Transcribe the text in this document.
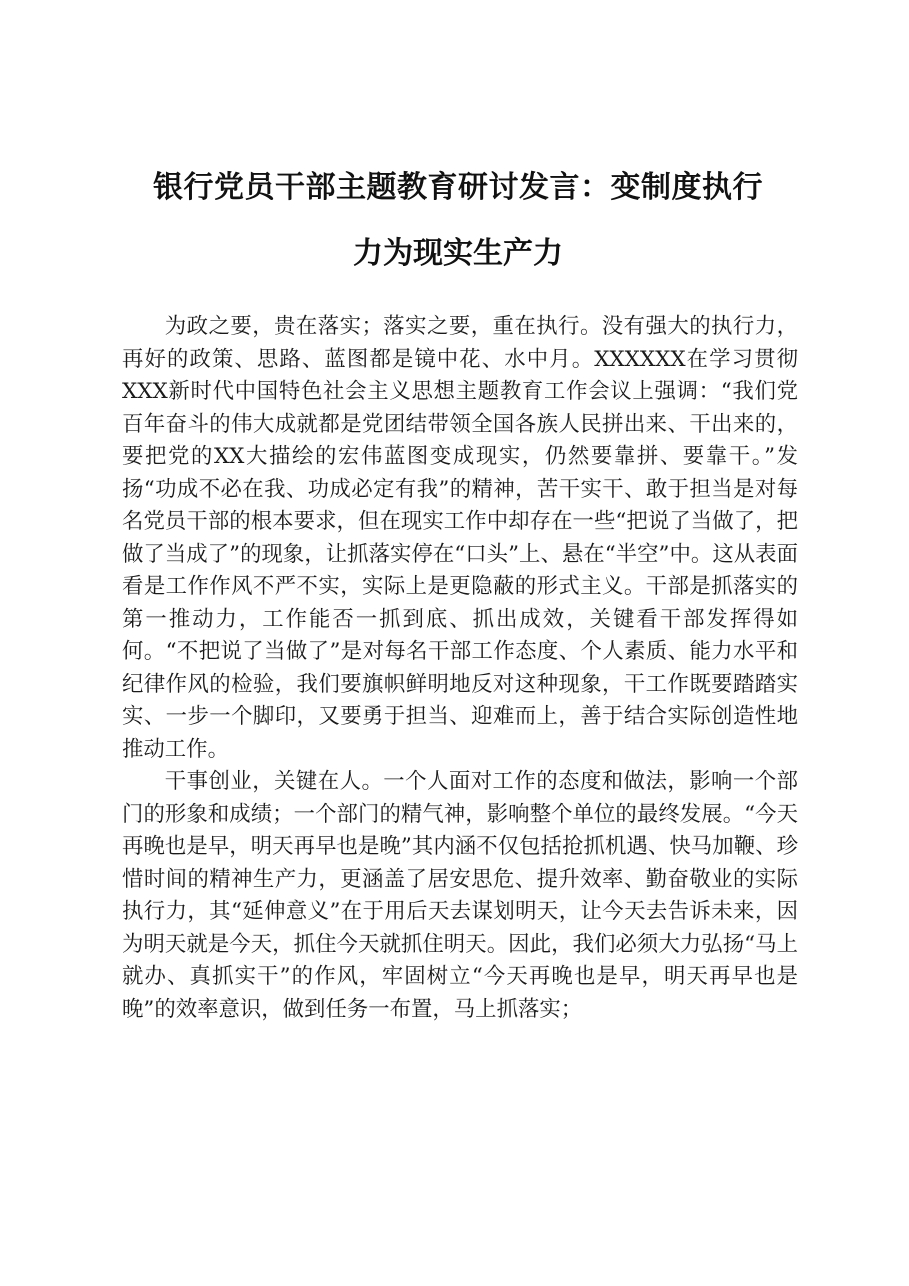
银行党员干部主题教育研讨发言：变制度执行
力为现实生产力

为政之要，贵在落实；落实之要，重在执行。没有强大的执行力，再好的政策、思路、蓝图都是镜中花、水中月。XXXXXX在学习贯彻XXX新时代中国特色社会主义思想主题教育工作会议上强调：“我们党百年奋斗的伟大成就都是党团结带领全国各族人民拼出来、干出来的，要把党的XX大描绘的宏伟蓝图变成现实，仍然要靠拼、要靠干。”发扬“功成不必在我、功成必定有我”的精神，苦干实干、敢于担当是对每名党员干部的根本要求，但在现实工作中却存在一些“把说了当做了，把做了当成了”的现象，让抓落实停在“口头”上、悬在“半空”中。这从表面看是工作作风不严不实，实际上是更隐蔽的形式主义。干部是抓落实的第一推动力，工作能否一抓到底、抓出成效，关键看干部发挥得如何。“不把说了当做了”是对每名干部工作态度、个人素质、能力水平和纪律作风的检验，我们要旗帜鲜明地反对这种现象，干工作既要踏踏实实、一步一个脚印，又要勇于担当、迎难而上，善于结合实际创造性地推动工作。

干事创业，关键在人。一个人面对工作的态度和做法，影响一个部门的形象和成绩；一个部门的精气神，影响整个单位的最终发展。“今天再晚也是早，明天再早也是晚”其内涵不仅包括抢抓机遇、快马加鞭、珍惜时间的精神生产力，更涵盖了居安思危、提升效率、勤奋敬业的实际执行力，其“延伸意义”在于用后天去谋划明天，让今天去告诉未来，因为明天就是今天，抓住今天就抓住明天。因此，我们必须大力弘扬“马上就办、真抓实干”的作风，牢固树立“今天再晚也是早，明天再早也是晚”的效率意识，做到任务一布置，马上抓落实；
